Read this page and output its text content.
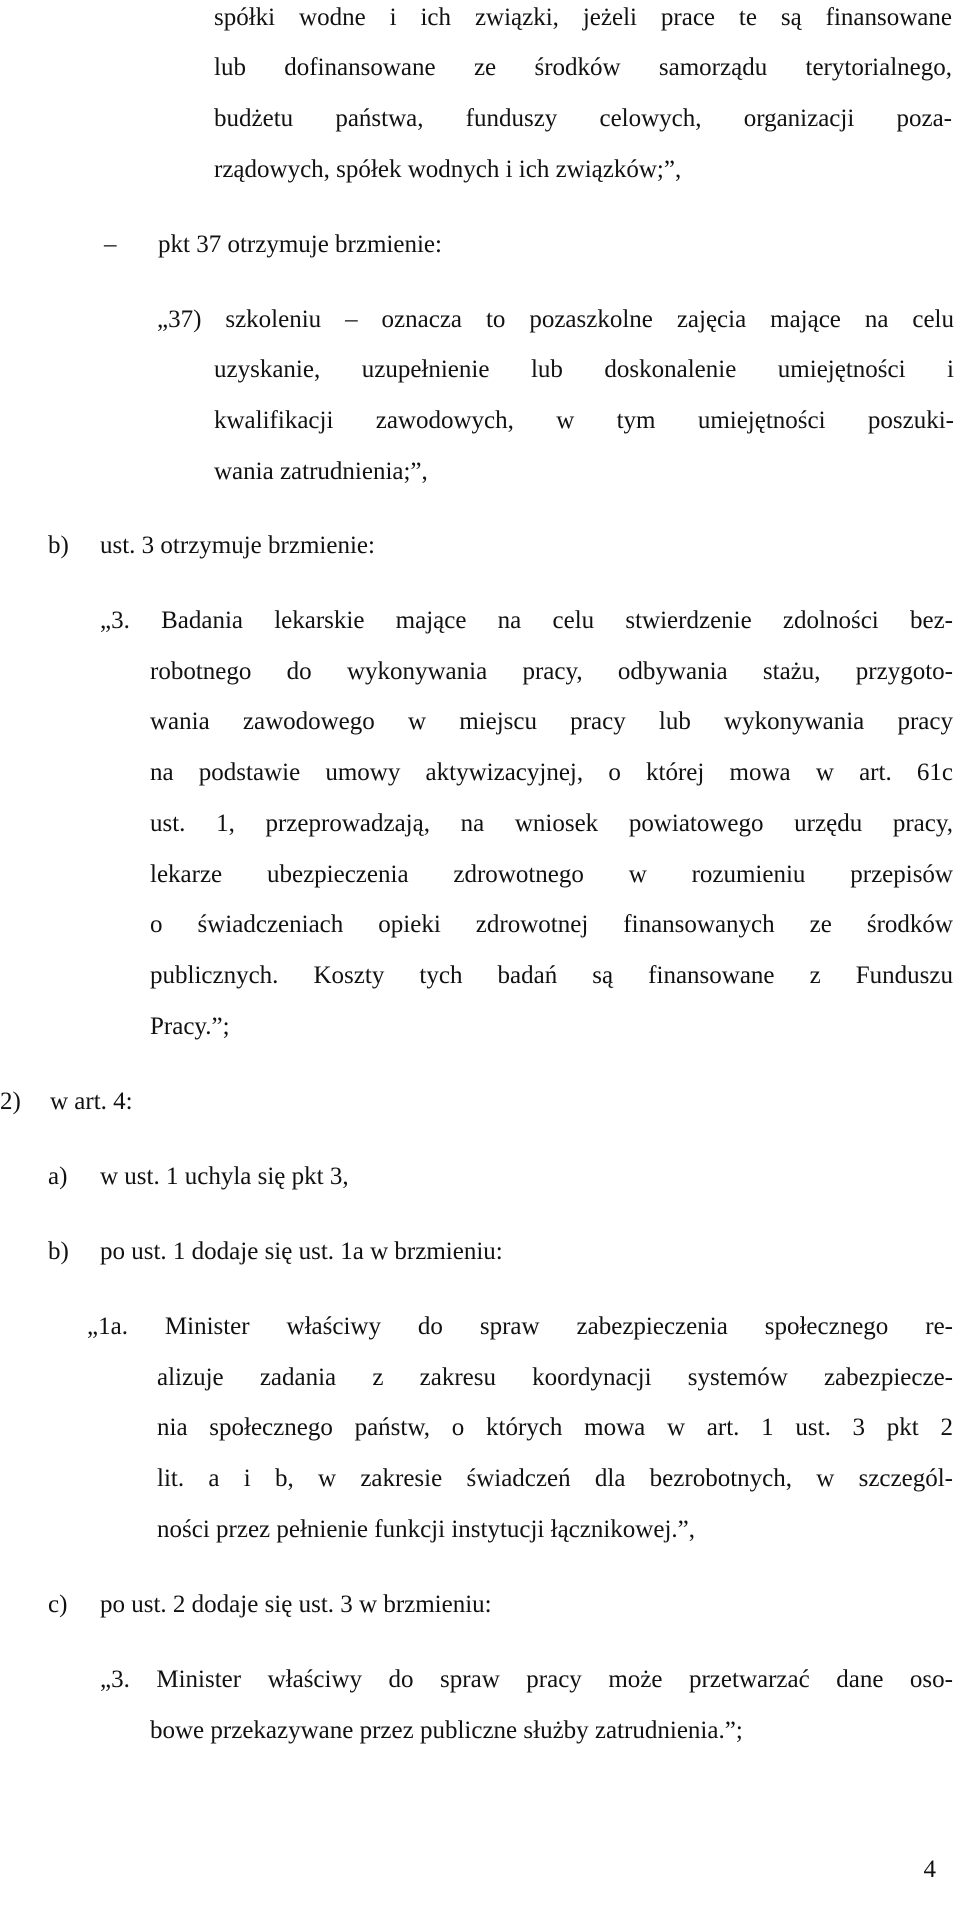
spółki wodne i ich związki, jeżeli prace te są finansowane
lub dofinansowane ze środków samorządu terytorialnego,
budżetu państwa, funduszy celowych, organizacji poza-
rządowych, spółek wodnych i ich związków;”,
– pkt 37 otrzymuje brzmienie:
„37) szkoleniu – oznacza to pozaszkolne zajęcia mające na celu
uzyskanie, uzupełnienie lub doskonalenie umiejętności i
kwalifikacji zawodowych, w tym umiejętności poszuki-
wania zatrudnienia;”,
b) ust. 3 otrzymuje brzmienie:
„3. Badania lekarskie mające na celu stwierdzenie zdolności bez-
robotnego do wykonywania pracy, odbywania stażu, przygoto-
wania zawodowego w miejscu pracy lub wykonywania pracy
na podstawie umowy aktywizacyjnej, o której mowa w art. 61c
ust. 1, przeprowadzają, na wniosek powiatowego urzędu pracy,
lekarze ubezpieczenia zdrowotnego w rozumieniu przepisów
o świadczeniach opieki zdrowotnej finansowanych ze środków
publicznych. Koszty tych badań są finansowane z Funduszu
Pracy.”;
2) w art. 4:
a) w ust. 1 uchyla się pkt 3,
b) po ust. 1 dodaje się ust. 1a w brzmieniu:
„1a. Minister właściwy do spraw zabezpieczenia społecznego re-
alizuje zadania z zakresu koordynacji systemów zabezpiecze-
nia społecznego państw, o których mowa w art. 1 ust. 3 pkt 2
lit. a i b, w zakresie świadczeń dla bezrobotnych, w szczegól-
ności przez pełnienie funkcji instytucji łącznikowej.”,
c) po ust. 2 dodaje się ust. 3 w brzmieniu:
„3. Minister właściwy do spraw pracy może przetwarzać dane oso-
bowe przekazywane przez publiczne służby zatrudnienia.”;
4
